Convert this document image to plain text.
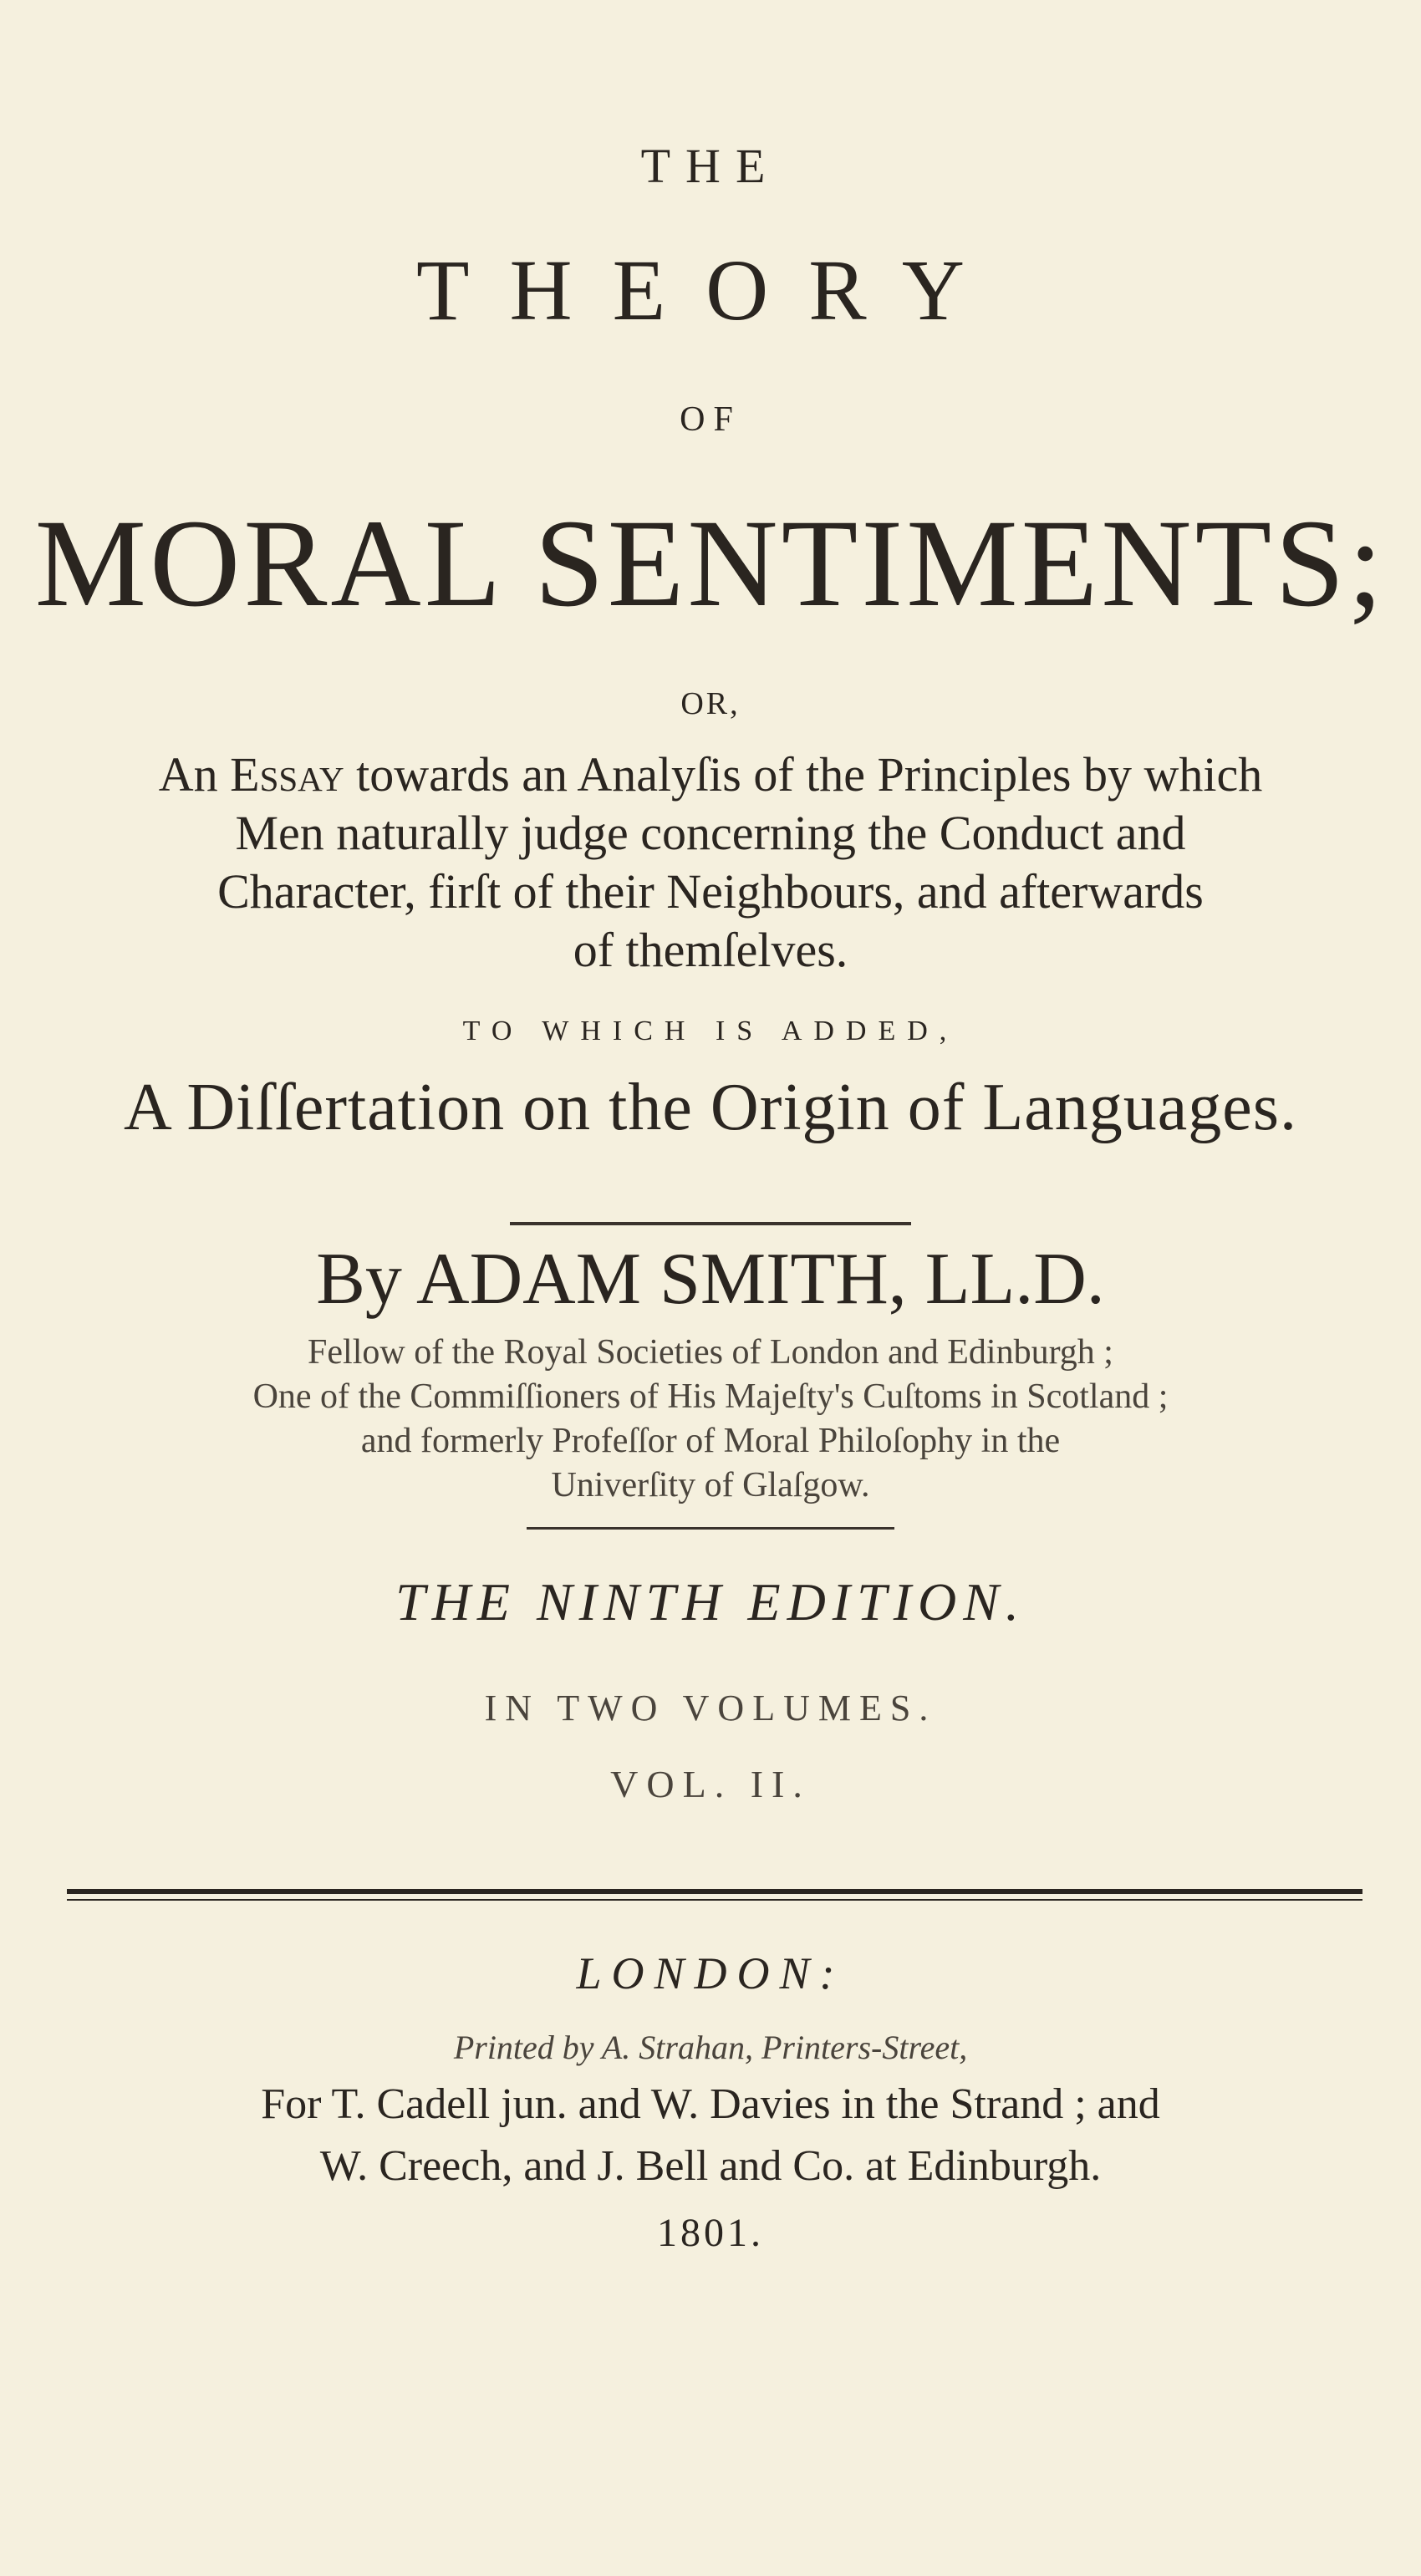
THE
THEORY
OF
MORAL SENTIMENTS;
OR,
An Essay towards an Analyſis of the Principles by which
Men naturally judge concerning the Conduct and
Character, firſt of their Neighbours, and afterwards
of themſelves.
TO WHICH IS ADDED,
A Diſſertation on the Origin of Languages.
By ADAM SMITH, LL.D.
Fellow of the Royal Societies of London and Edinburgh ;
One of the Commiſſioners of His Majeſty's Cuſtoms in Scotland ;
and formerly Profeſſor of Moral Philoſophy in the
Univerſity of Glaſgow.
THE NINTH EDITION.
IN TWO VOLUMES.
VOL. II.
LONDON:
Printed by A. Strahan, Printers-Street,
For T. Cadell jun. and W. Davies in the Strand ; and
W. Creech, and J. Bell and Co. at Edinburgh.
1801.
